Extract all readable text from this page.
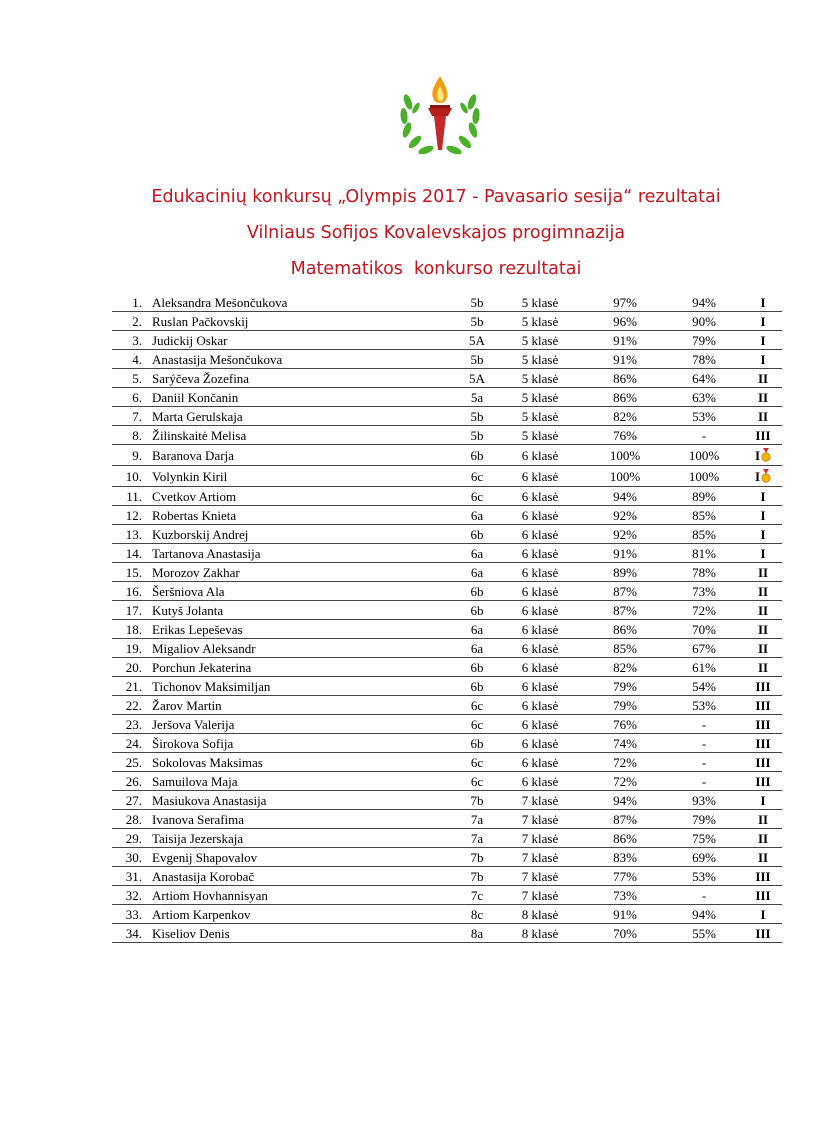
Edukacinių konkursų „Olympis 2017 - Pavasario sesija“ rezultatai
Vilniaus Sofijos Kovalevskajos progimnazija
Matematikos  konkurso rezultatai
1.	Aleksandra Mešončukova	5b	5 klasė	97%	94%	I
2.	Ruslan Pačkovskij	5b	5 klasė	96%	90%	I
3.	Judickij Oskar	5A	5 klasė	91%	79%	I
4.	Anastasija Mešončukova	5b	5 klasė	91%	78%	I
5.	Sarýčeva Žozefina	5A	5 klasė	86%	64%	II
6.	Daniil Končanin	5a	5 klasė	86%	63%	II
7.	Marta Gerulskaja	5b	5 klasė	82%	53%	II
8.	Žilinskaitė Melisa	5b	5 klasė	76%	-	III
9.	Baranova Darja	6b	6 klasė	100%	100%	I
10.	Volynkin Kiril	6c	6 klasė	100%	100%	I
11.	Cvetkov Artiom	6c	6 klasė	94%	89%	I
12.	Robertas Knieta	6a	6 klasė	92%	85%	I
13.	Kuzborskij Andrej	6b	6 klasė	92%	85%	I
14.	Tartanova Anastasija	6a	6 klasė	91%	81%	I
15.	Morozov Zakhar	6a	6 klasė	89%	78%	II
16.	Šeršniova Ala	6b	6 klasė	87%	73%	II
17.	Kutyš Jolanta	6b	6 klasė	87%	72%	II
18.	Erikas Lepeševas	6a	6 klasė	86%	70%	II
19.	Migaliov Aleksandr	6a	6 klasė	85%	67%	II
20.	Porchun Jekaterina	6b	6 klasė	82%	61%	II
21.	Tichonov Maksimiljan	6b	6 klasė	79%	54%	III
22.	Žarov Martin	6c	6 klasė	79%	53%	III
23.	Jeršova Valerija	6c	6 klasė	76%	-	III
24.	Širokova Sofija	6b	6 klasė	74%	-	III
25.	Sokolovas Maksimas	6c	6 klasė	72%	-	III
26.	Samuilova Maja	6c	6 klasė	72%	-	III
27.	Masiukova Anastasija	7b	7 klasė	94%	93%	I
28.	Ivanova Serafima	7a	7 klasė	87%	79%	II
29.	Taisija Jezerskaja	7a	7 klasė	86%	75%	II
30.	Evgenij Shapovalov	7b	7 klasė	83%	69%	II
31.	Anastasija Korobač	7b	7 klasė	77%	53%	III
32.	Artiom Hovhannisyan	7c	7 klasė	73%	-	III
33.	Artiom Karpenkov	8c	8 klasė	91%	94%	I
34.	Kiseliov Denis	8a	8 klasė	70%	55%	III
